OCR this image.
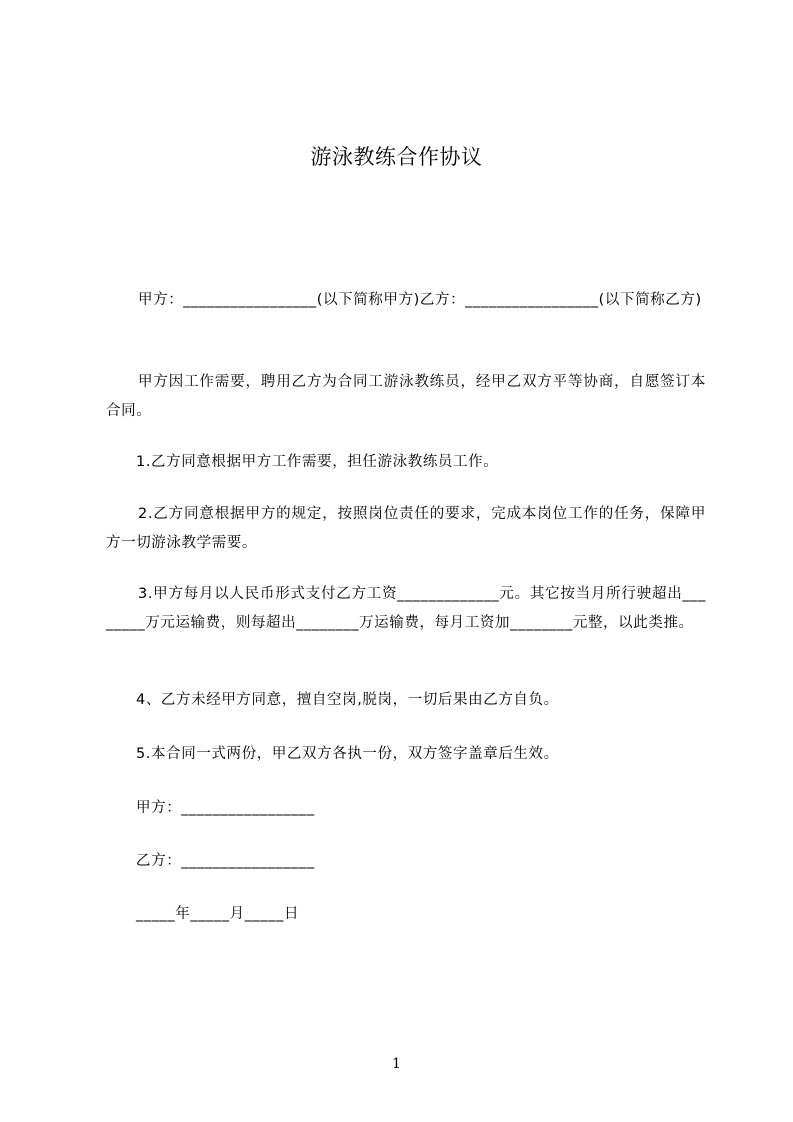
游泳教练合作协议
甲方：_________________(以下简称甲方)乙方：_________________(以下简称乙方)
甲方因工作需要，聘用乙方为合同工游泳教练员，经甲乙双方平等协商，自愿签订本合同。
1.乙方同意根据甲方工作需要，担任游泳教练员工作。
2.乙方同意根据甲方的规定，按照岗位责任的要求，完成本岗位工作的任务，保障甲方一切游泳教学需要。
3.甲方每月以人民币形式支付乙方工资_____________元。其它按当月所行驶超出________万元运输费，则每超出________万运输费，每月工资加________元整，以此类推。
4、乙方未经甲方同意，擅自空岗,脱岗，一切后果由乙方自负。
5.本合同一式两份，甲乙双方各执一份，双方签字盖章后生效。
甲方：_________________
乙方：_________________
_____年_____月_____日
1
